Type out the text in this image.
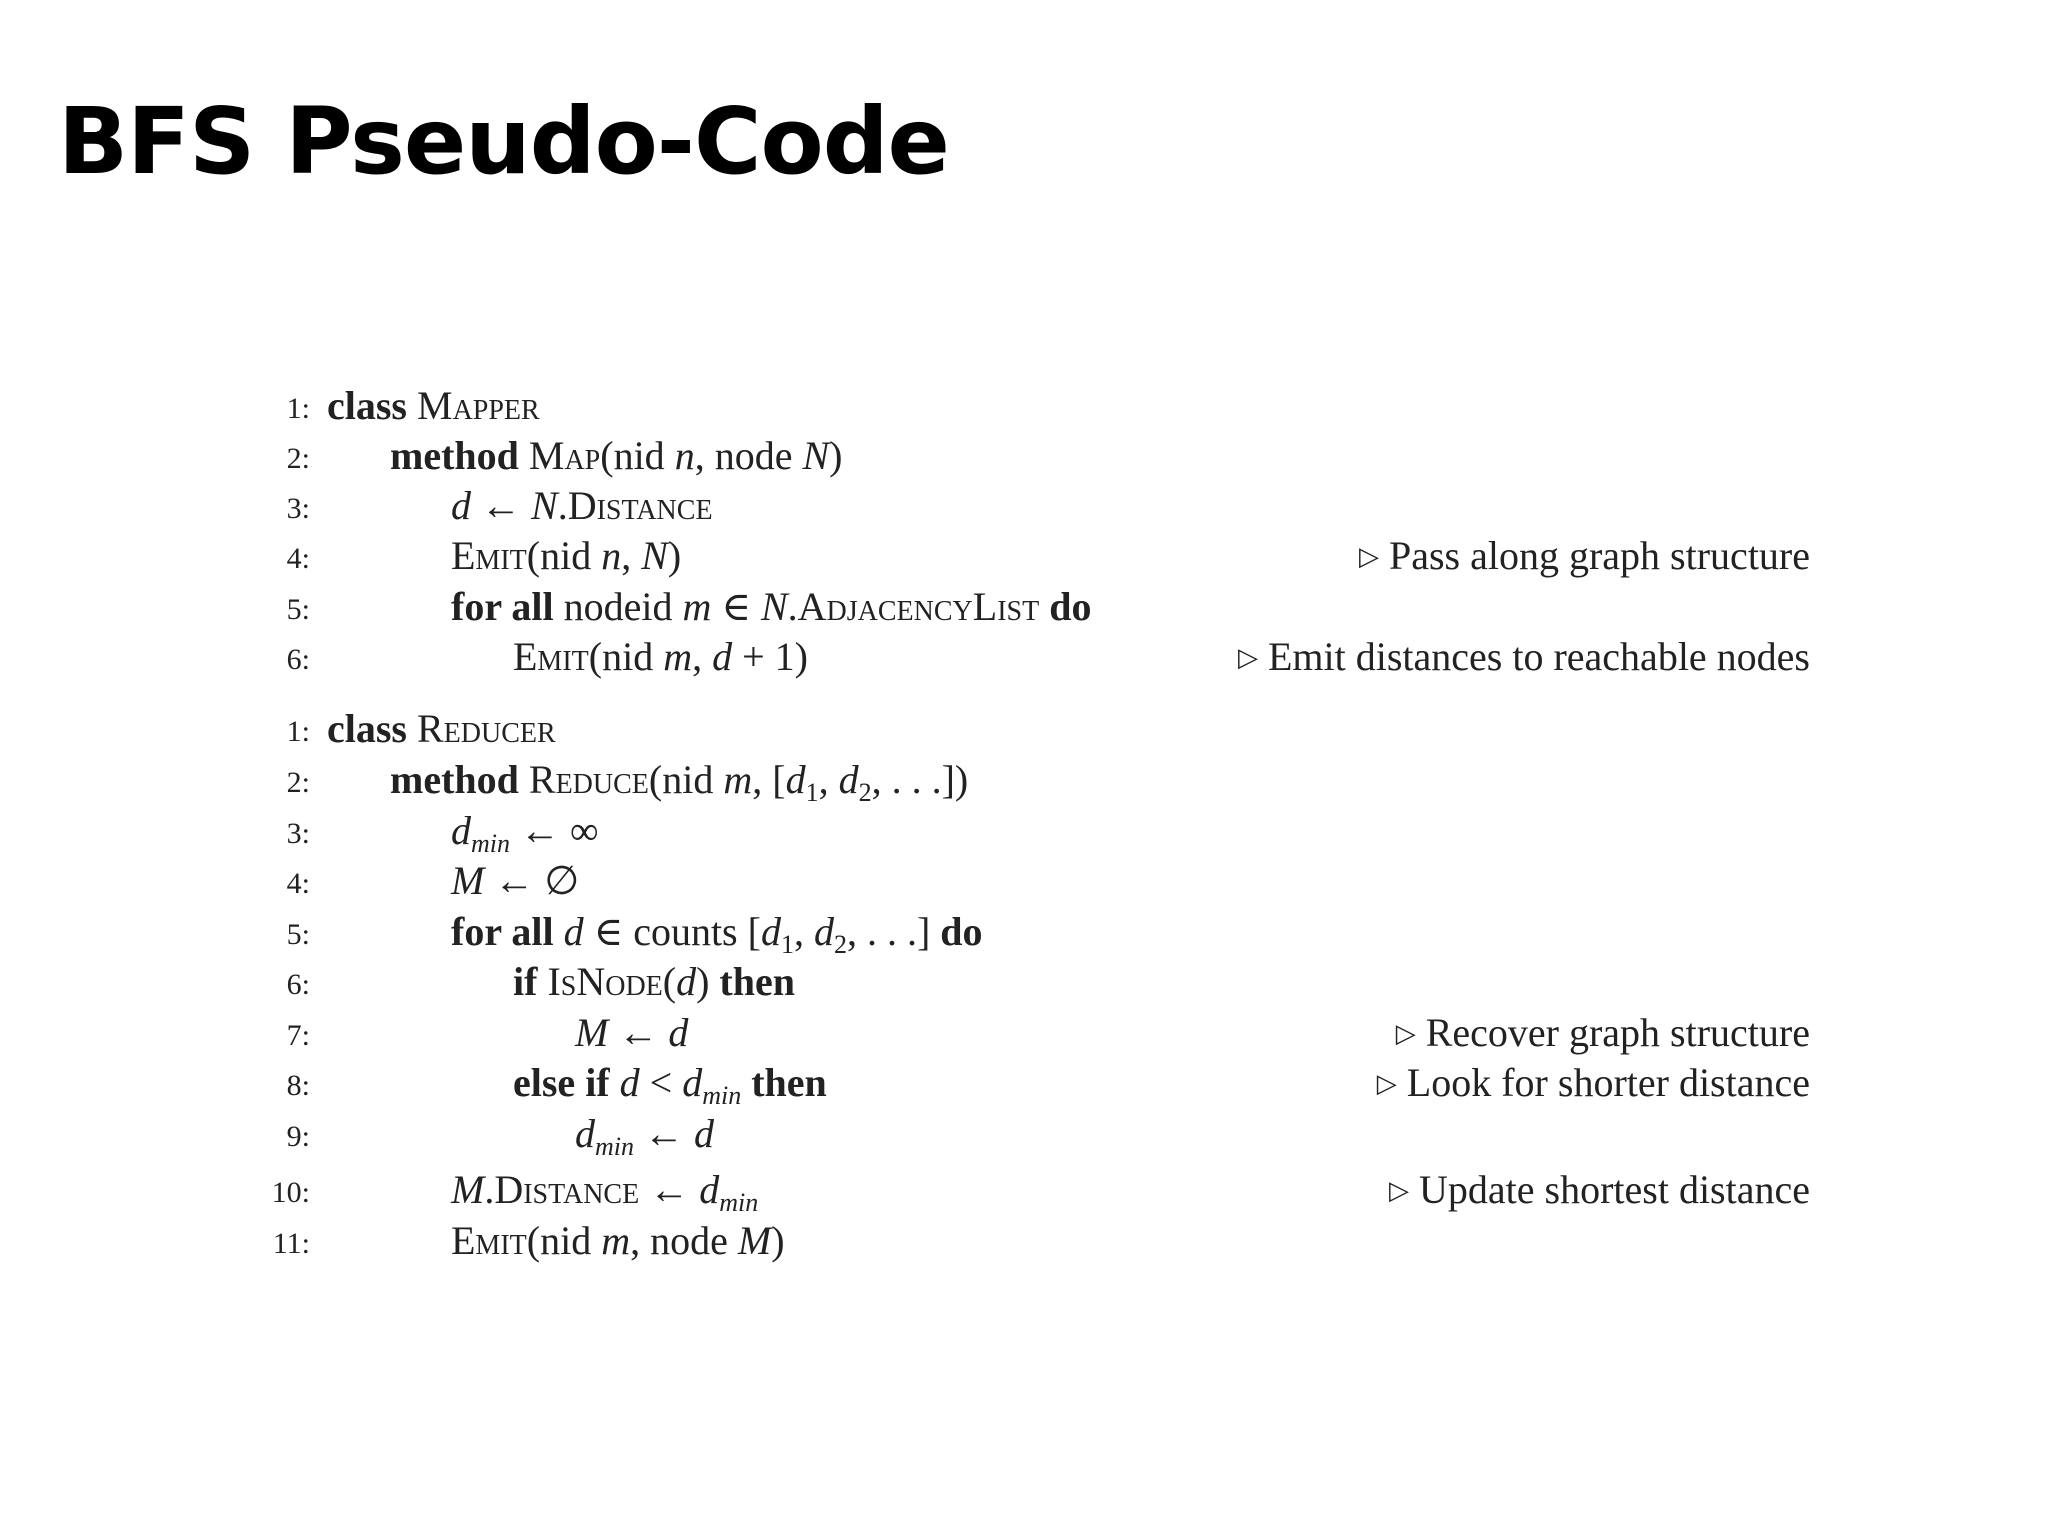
BFS Pseudo-Code
1: class Mapper
2: method Map(nid n, node N)
3:	d ← N.Distance
4:	Emit(nid n, N)	▷ Pass along graph structure
5:	for all nodeid m ∈ N.AdjacencyList do
6:	Emit(nid m, d + 1)	▷ Emit distances to reachable nodes
1: class Reducer
2: method Reduce(nid m, [$d_1$, $d_2$, . . .])
3:	$d_{min}$ ← ∞
4:	M ← ∅
5:	for all d ∈ counts [$d_1$, $d_2$, . . .] do
6:	if IsNode(d) then
7:	M ← d	▷ Recover graph structure
8:	else if $d < d_{min}$ then	▷ Look for shorter distance
9:	$d_{min}$ ← d
10:	M.Distance ← $d_{min}$	▷ Update shortest distance
11:	Emit(nid m, node M)
